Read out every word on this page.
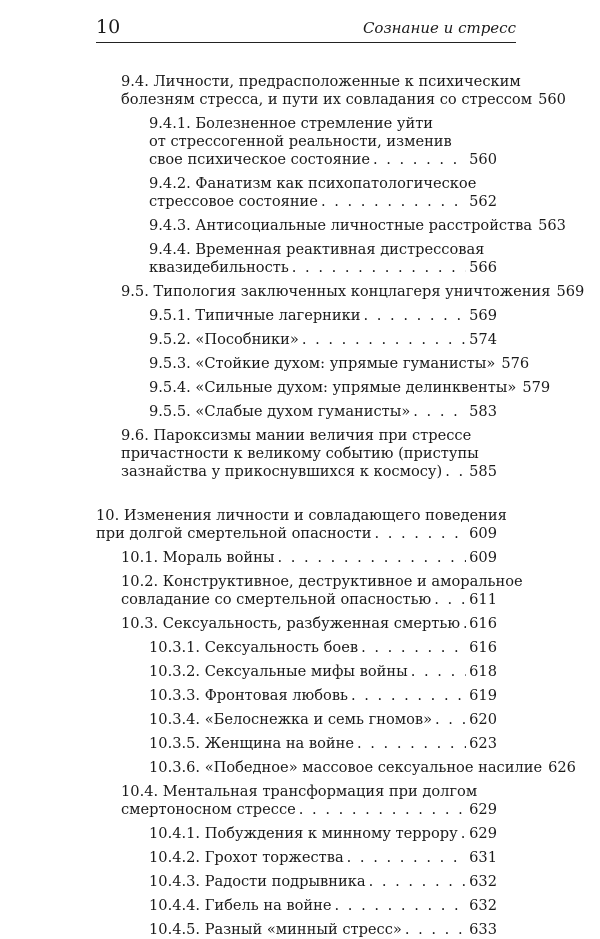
10	Сознание и стресс
9.4. Личности, предрасположенные к психическим
болезням стресса, и пути их совладания со стрессом 560
9.4.1. Болезненное стремление уйти
от стрессогенной реальности, изменив
свое психическое состояние . . .	560
9.4.2. Фанатизм как психопатологическое
стрессовое состояние . . .	562
9.4.3. Антисоциальные личностные расстройства 563
9.4.4. Временная реактивная дистрессовая
квазидебильность . . .	566
9.5. Типология заключенных концлагеря уничтожения 569
9.5.1. Типичные лагерники . . .	569
9.5.2. «Пособники» . . .	574
9.5.3. «Стойкие духом: упрямые гуманисты» 576
9.5.4. «Сильные духом: упрямые делинквенты» 579
9.5.5. «Слабые духом гуманисты» . . .	583
9.6. Пароксизмы мании величия при стрессе
причастности к великому событию (приступы
зазнайства у прикоснувшихся к космосу) . . . 585
10. Изменения личности и совладающего поведения
при долгой смертельной опасности . . .	609
10.1. Мораль войны . . .	609
10.2. Конструктивное, деструктивное и аморальное
совладание со смертельной опасностью . . .	611
10.3. Сексуальность, разбуженная смертью . . . 616
10.3.1. Сексуальность боев . . .	616
10.3.2. Сексуальные мифы войны . . .	618
10.3.3. Фронтовая любовь . . .	619
10.3.4. «Белоснежка и семь гномов» . . .	620
10.3.5. Женщина на войне . . .	623
10.3.6. «Победное» массовое сексуальное насилие 626
10.4. Ментальная трансформация при долгом
смертоносном стрессе . . .	629
10.4.1. Побуждения к минному террору . . . 629
10.4.2. Грохот торжества . . .	631
10.4.3. Радости подрывника . . .	632
10.4.4. Гибель на войне . . .	632
10.4.5. Разный «минный стресс» . . .	633
